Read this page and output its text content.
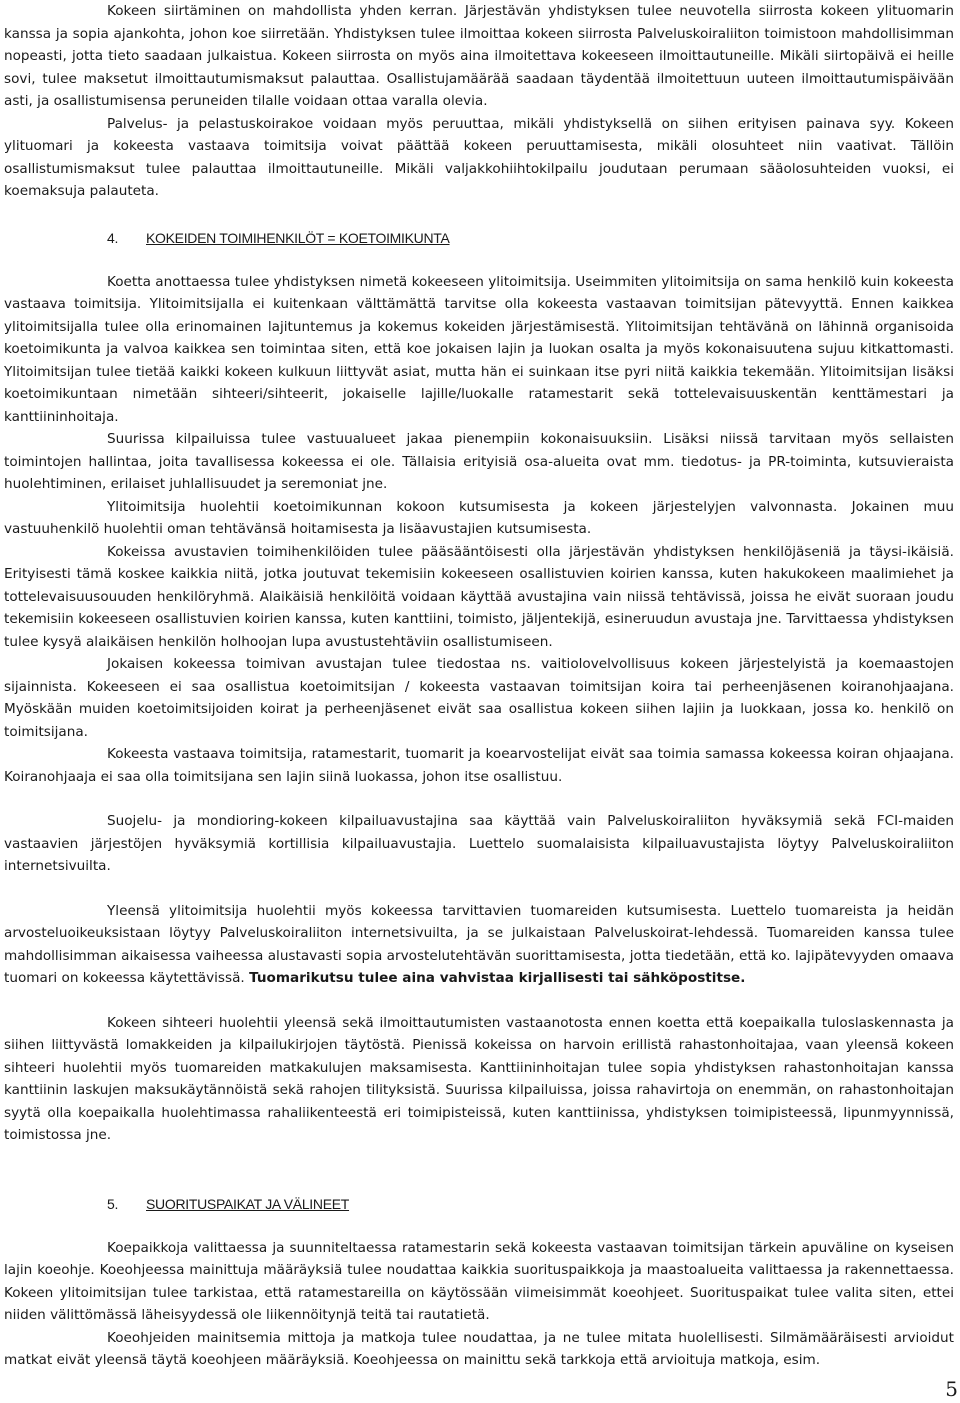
Kokeen siirtäminen on mahdollista yhden kerran. Järjestävän yhdistyksen tulee neuvotella siirrosta kokeen ylituomarin kanssa ja sopia ajankohta, johon koe siirretään. Yhdistyksen tulee ilmoittaa kokeen siirrosta Palveluskoiraliiton toimistoon mahdollisimman nopeasti, jotta tieto saadaan julkaistua. Kokeen siirrosta on myös aina ilmoitettava kokeeseen ilmoittautuneille. Mikäli siirtopäivä ei heille sovi, tulee maksetut ilmoittautumismaksut palauttaa. Osallistujamäärää saadaan täydentää ilmoitettuun uuteen ilmoittautumispäivään asti, ja osallistumisensa peruneiden tilalle voidaan ottaa varalla olevia.

Palvelus- ja pelastuskoirakoe voidaan myös peruuttaa, mikäli yhdistyksellä on siihen erityisen painava syy. Kokeen ylituomari ja kokeesta vastaava toimitsija voivat päättää kokeen peruuttamisesta, mikäli olosuhteet niin vaativat. Tällöin osallistumismaksut tulee palauttaa ilmoittautuneille. Mikäli valjakkohiihtokilpailu joudutaan perumaan sääolosuhteiden vuoksi, ei koemaksuja palauteta.

4. KOKEIDEN TOIMIHENKILÖT = KOETOIMIKUNTA

Koetta anottaessa tulee yhdistyksen nimetä kokeeseen ylitoimitsija. Useimmiten ylitoimitsija on sama henkilö kuin kokeesta vastaava toimitsija. Ylitoimitsijalla ei kuitenkaan välttämättä tarvitse olla kokeesta vastaavan toimitsijan pätevyyttä. Ennen kaikkea ylitoimitsijalla tulee olla erinomainen lajituntemus ja kokemus kokeiden järjestämisestä. Ylitoimitsijan tehtävänä on lähinnä organisoida koetoimikunta ja valvoa kaikkea sen toimintaa siten, että koe jokaisen lajin ja luokan osalta ja myös kokonaisuutena sujuu kitkattomasti. Ylitoimitsijan tulee tietää kaikki kokeen kulkuun liittyvät asiat, mutta hän ei suinkaan itse pyri niitä kaikkia tekemään. Ylitoimitsijan lisäksi koetoimikuntaan nimetään sihteeri/sihteerit, jokaiselle lajille/luokalle ratamestarit sekä tottelevaisuuskentän kenttämestari ja kanttiininhoitaja.

Suurissa kilpailuissa tulee vastuualueet jakaa pienempiin kokonaisuuksiin. Lisäksi niissä tarvitaan myös sellaisten toimintojen hallintaa, joita tavallisessa kokeessa ei ole. Tällaisia erityisiä osa-alueita ovat mm. tiedotus- ja PR-toiminta, kutsuvieraista huolehtiminen, erilaiset juhlallisuudet ja seremoniat jne.

Ylitoimitsija huolehtii koetoimikunnan kokoon kutsumisesta ja kokeen järjestelyjen valvonnasta. Jokainen muu vastuuhenkilö huolehtii oman tehtävänsä hoitamisesta ja lisäavustajien kutsumisesta.

Kokeissa avustavien toimihenkilöiden tulee pääsääntöisesti olla järjestävän yhdistyksen henkilöjäseniä ja täysi-ikäisiä. Erityisesti tämä koskee kaikkia niitä, jotka joutuvat tekemisiin kokeeseen osallistuvien koirien kanssa, kuten hakukokeen maalimiehet ja tottelevaisuusouuden henkilöryhmä. Alaikäisiä henkilöitä voidaan käyttää avustajina vain niissä tehtävissä, joissa he eivät suoraan joudu tekemisiin kokeeseen osallistuvien koirien kanssa, kuten kanttiini, toimisto, jäljentekijä, esineruudun avustaja jne. Tarvittaessa yhdistyksen tulee kysyä alaikäisen henkilön holhoojan lupa avustustehtäviin osallistumiseen.

Jokaisen kokeessa toimivan avustajan tulee tiedostaa ns. vaitiolovelvollisuus kokeen järjestelyistä ja koemaastojen sijainnista. Kokeeseen ei saa osallistua koetoimitsijan / kokeesta vastaavan toimitsijan koira tai perheenjäsenen koiranohjaajana. Myöskään muiden koetoimitsijoiden koirat ja perheenjäsenet eivät saa osallistua kokeen siihen lajiin ja luokkaan, jossa ko. henkilö on toimitsijana.

Kokeesta vastaava toimitsija, ratamestarit, tuomarit ja koearvostelijat eivät saa toimia samassa kokeessa koiran ohjaajana. Koiranohjaaja ei saa olla toimitsijana sen lajin siinä luokassa, johon itse osallistuu.

Suojelu- ja mondioring-kokeen kilpailuavustajina saa käyttää vain Palveluskoiraliiton hyväksymiä sekä FCI-maiden vastaavien järjestöjen hyväksymiä kortillisia kilpailuavustajia. Luettelo suomalaisista kilpailuavustajista löytyy Palveluskoiraliiton internetsivuilta.

Yleensä ylitoimitsija huolehtii myös kokeessa tarvittavien tuomareiden kutsumisesta. Luettelo tuomareista ja heidän arvosteluoikeuksistaan löytyy Palveluskoiraliiton internetsivuilta, ja se julkaistaan Palveluskoirat-lehdessä. Tuomareiden kanssa tulee mahdollisimman aikaisessa vaiheessa alustavasti sopia arvostelutehtävän suorittamisesta, jotta tiedetään, että ko. lajipätevyyden omaava tuomari on kokeessa käytettävissä. Tuomarikutsu tulee aina vahvistaa kirjallisesti tai sähköpostitse.

Kokeen sihteeri huolehtii yleensä sekä ilmoittautumisten vastaanotosta ennen koetta että koepaikalla tuloslaskennasta ja siihen liittyvästä lomakkeiden ja kilpailukirjojen täytöstä. Pienissä kokeissa on harvoin erillistä rahastonhoitajaa, vaan yleensä kokeen sihteeri huolehtii myös tuomareiden matkakulujen maksamisesta. Kanttiininhoitajan tulee sopia yhdistyksen rahastonhoitajan kanssa kanttiinin laskujen maksukäytännöistä sekä rahojen tilityksistä. Suurissa kilpailuissa, joissa rahavirtoja on enemmän, on rahastonhoitajan syytä olla koepaikalla huolehtimassa rahaliikenteestä eri toimipisteissä, kuten kanttiinissa, yhdistyksen toimipisteessä, lipunmyynnissä, toimistossa jne.

5. SUORITUSPAIKAT JA VÄLINEET

Koepaikkoja valittaessa ja suunniteltaessa ratamestarin sekä kokeesta vastaavan toimitsijan tärkein apuväline on kyseisen lajin koeohje. Koeohjeessa mainittuja määräyksiä tulee noudattaa kaikkia suorituspaikkoja ja maastoalueita valittaessa ja rakennettaessa. Kokeen ylitoimitsijan tulee tarkistaa, että ratamestareilla on käytössään viimeisimmät koeohjeet. Suorituspaikat tulee valita siten, ettei niiden välittömässä läheisyydessä ole liikennöitynjä teitä tai rautatietä.

Koeohjeiden mainitsemia mittoja ja matkoja tulee noudattaa, ja ne tulee mitata huolellisesti. Silmämääräisesti arvioidut matkat eivät yleensä täytä koeohjeen määräyksiä. Koeohjeessa on mainittu sekä tarkkoja että arvioituja matkoja, esim.

5
